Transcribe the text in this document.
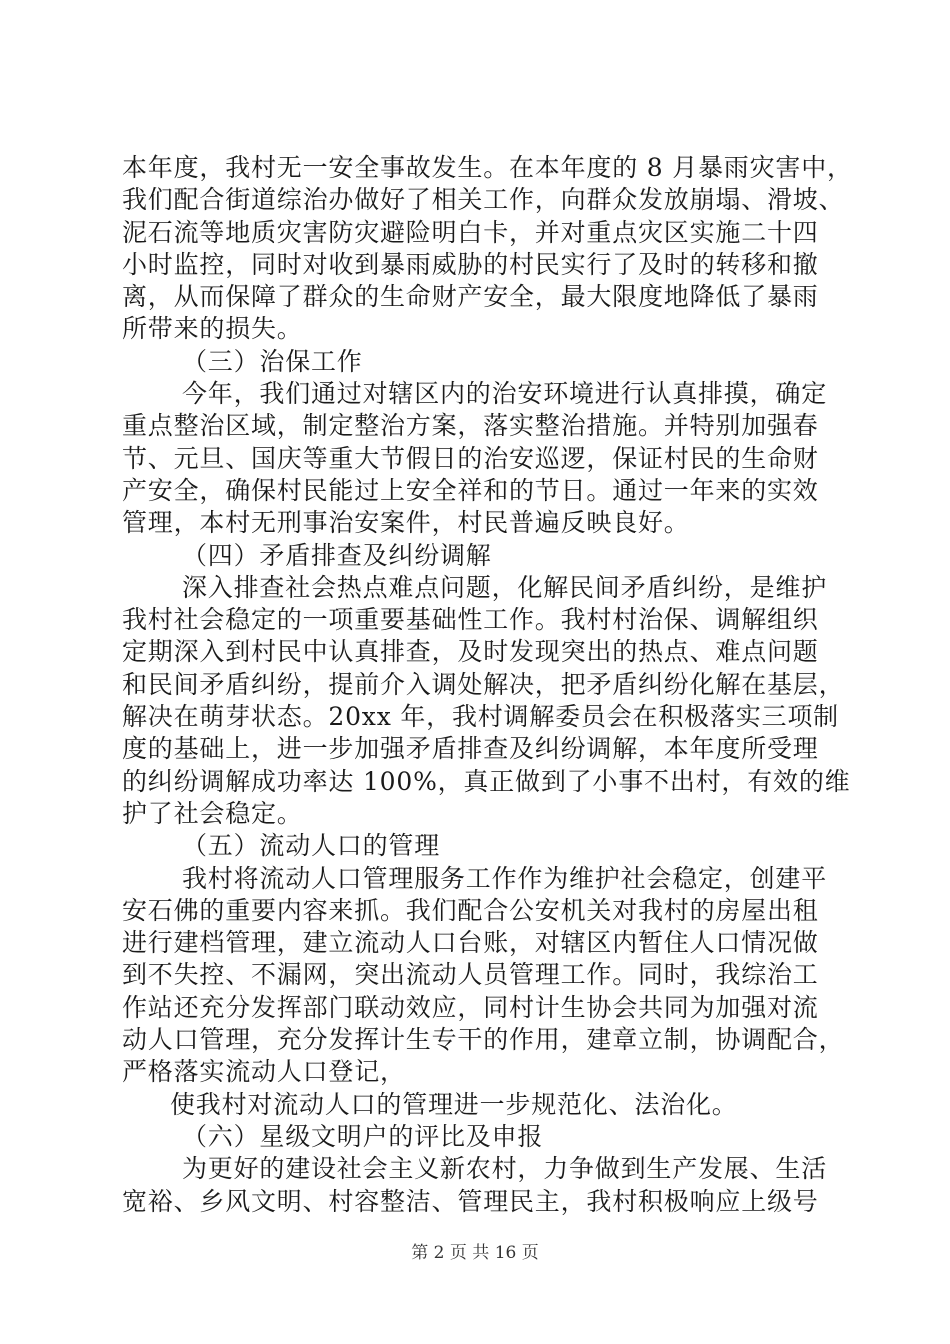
本年度，我村无一安全事故发生。在本年度的 8 月暴雨灾害中，
我们配合街道综治办做好了相关工作，向群众发放崩塌、滑坡、
泥石流等地质灾害防灾避险明白卡，并对重点灾区实施二十四
小时监控，同时对收到暴雨威胁的村民实行了及时的转移和撤
离，从而保障了群众的生命财产安全，最大限度地降低了暴雨
所带来的损失。
（三）治保工作
今年，我们通过对辖区内的治安环境进行认真排摸，确定
重点整治区域，制定整治方案，落实整治措施。并特别加强春
节、元旦、国庆等重大节假日的治安巡逻，保证村民的生命财
产安全，确保村民能过上安全祥和的节日。通过一年来的实效
管理，本村无刑事治安案件，村民普遍反映良好。
（四）矛盾排查及纠纷调解
深入排查社会热点难点问题，化解民间矛盾纠纷，是维护
我村社会稳定的一项重要基础性工作。我村村治保、调解组织
定期深入到村民中认真排查，及时发现突出的热点、难点问题
和民间矛盾纠纷，提前介入调处解决，把矛盾纠纷化解在基层，
解决在萌芽状态。20xx 年，我村调解委员会在积极落实三项制
度的基础上，进一步加强矛盾排查及纠纷调解，本年度所受理
的纠纷调解成功率达 100%，真正做到了小事不出村，有效的维
护了社会稳定。
（五）流动人口的管理
我村将流动人口管理服务工作作为维护社会稳定，创建平
安石佛的重要内容来抓。我们配合公安机关对我村的房屋出租
进行建档管理，建立流动人口台账，对辖区内暂住人口情况做
到不失控、不漏网，突出流动人员管理工作。同时，我综治工
作站还充分发挥部门联动效应，同村计生协会共同为加强对流
动人口管理，充分发挥计生专干的作用，建章立制，协调配合，
严格落实流动人口登记，
使我村对流动人口的管理进一步规范化、法治化。
（六）星级文明户的评比及申报
为更好的建设社会主义新农村，力争做到生产发展、生活
宽裕、乡风文明、村容整洁、管理民主，我村积极响应上级号
第 2 页 共 16 页
